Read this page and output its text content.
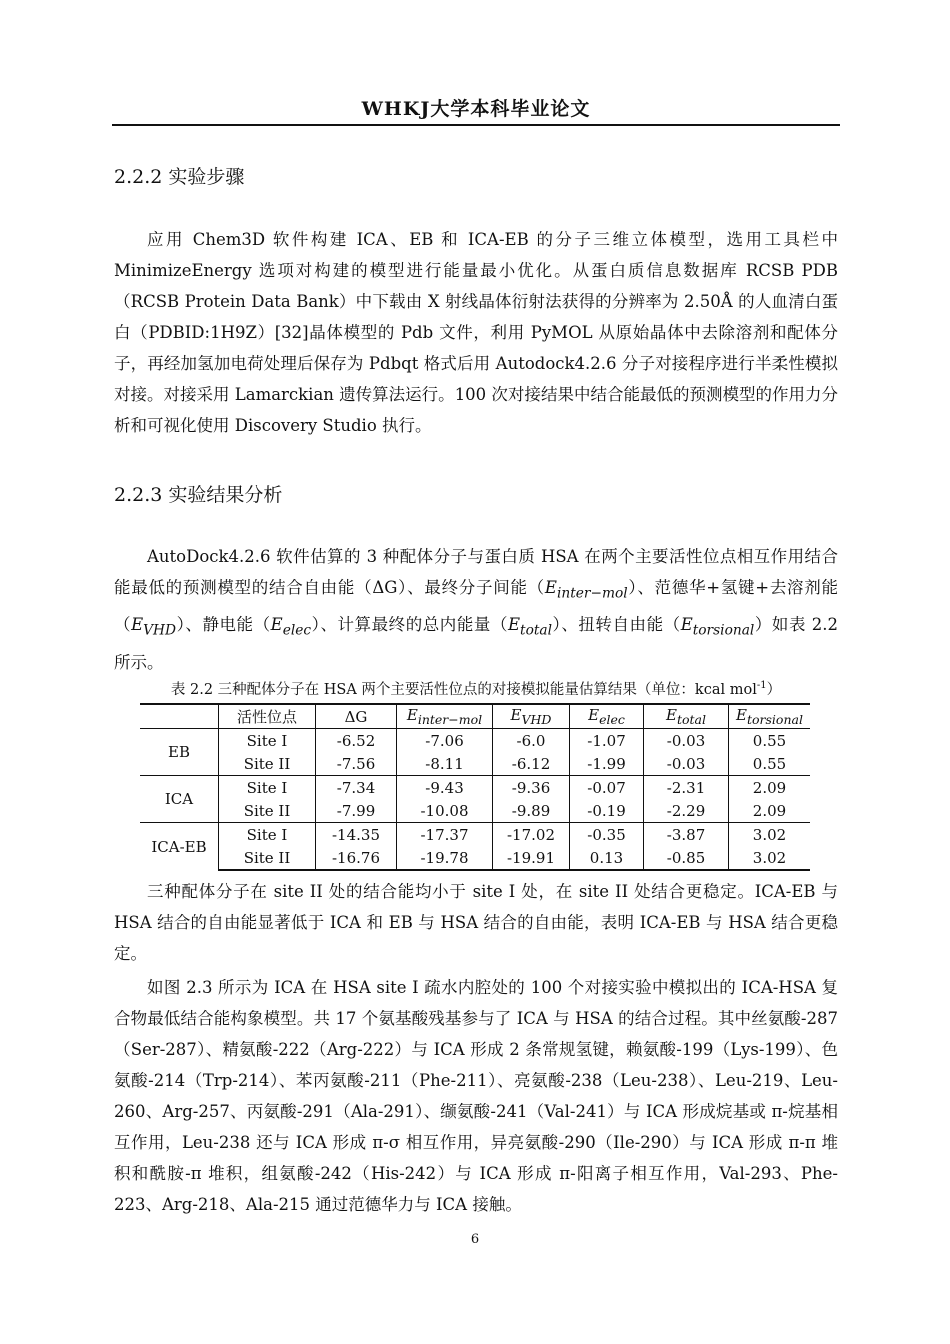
WHKJ大学本科毕业论文
2.2.2 实验步骤
应用 Chem3D 软件构建 ICA、EB 和 ICA-EB 的分子三维立体模型，选用工具栏中 MinimizeEnergy 选项对构建的模型进行能量最小优化。从蛋白质信息数据库 RCSB PDB（RCSB Protein Data Bank）中下载由 X 射线晶体衍射法获得的分辨率为 2.50Å 的人血清白蛋白（PDBID:1H9Z）[32]晶体模型的 Pdb 文件，利用 PyMOL 从原始晶体中去除溶剂和配体分子，再经加氢加电荷处理后保存为 Pdbqt 格式后用 Autodock4.2.6 分子对接程序进行半柔性模拟对接。对接采用 Lamarckian 遗传算法运行。100 次对接结果中结合能最低的预测模型的作用力分析和可视化使用 Discovery Studio 执行。
2.2.3 实验结果分析
AutoDock4.2.6 软件估算的 3 种配体分子与蛋白质 HSA 在两个主要活性位点相互作用结合能最低的预测模型的结合自由能（ΔG）、最终分子间能$(E_{inter-mol})$、范德华+氢键+去溶剂能$(E_{VHD})$、静电能$(E_{elec})$、计算最终的总内能量$(E_{total})$、扭转自由能$(E_{torsional})$如表 2.2 所示。
表 2.2 三种配体分子在 HSA 两个主要活性位点的对接模拟能量估算结果（单位：kcal mol$^{-1}$）
	活性位点	ΔG	$E_{inter-mol}$	$E_{VHD}$	$E_{elec}$	$E_{total}$	$E_{torsional}$
EB	Site I	-6.52	-7.06	-6.0	-1.07	-0.03	0.55
	Site II	-7.56	-8.11	-6.12	-1.99	-0.03	0.55
ICA	Site I	-7.34	-9.43	-9.36	-0.07	-2.31	2.09
	Site II	-7.99	-10.08	-9.89	-0.19	-2.29	2.09
ICA-EB	Site I	-14.35	-17.37	-17.02	-0.35	-3.87	3.02
	Site II	-16.76	-19.78	-19.91	0.13	-0.85	3.02
三种配体分子在 site II 处的结合能均小于 site I 处，在 site II 处结合更稳定。ICA-EB 与 HSA 结合的自由能显著低于 ICA 和 EB 与 HSA 结合的自由能，表明 ICA-EB 与 HSA 结合更稳定。
如图 2.3 所示为 ICA 在 HSA site I 疏水内腔处的 100 个对接实验中模拟出的 ICA-HSA 复合物最低结合能构象模型。共 17 个氨基酸残基参与了 ICA 与 HSA 的结合过程。其中丝氨酸-287（Ser-287）、精氨酸-222（Arg-222）与 ICA 形成 2 条常规氢键，赖氨酸-199（Lys-199）、色氨酸-214（Trp-214）、苯丙氨酸-211（Phe-211）、亮氨酸-238（Leu-238）、Leu-219、Leu-260、Arg-257、丙氨酸-291（Ala-291）、缬氨酸-241（Val-241）与 ICA 形成烷基或 π-烷基相互作用，Leu-238 还与 ICA 形成 π-σ 相互作用，异亮氨酸-290（Ile-290）与 ICA 形成 π-π 堆积和酰胺-π 堆积，组氨酸-242（His-242）与 ICA 形成 π-阳离子相互作用，Val-293、Phe-223、Arg-218、Ala-215 通过范德华力与 ICA 接触。
6
